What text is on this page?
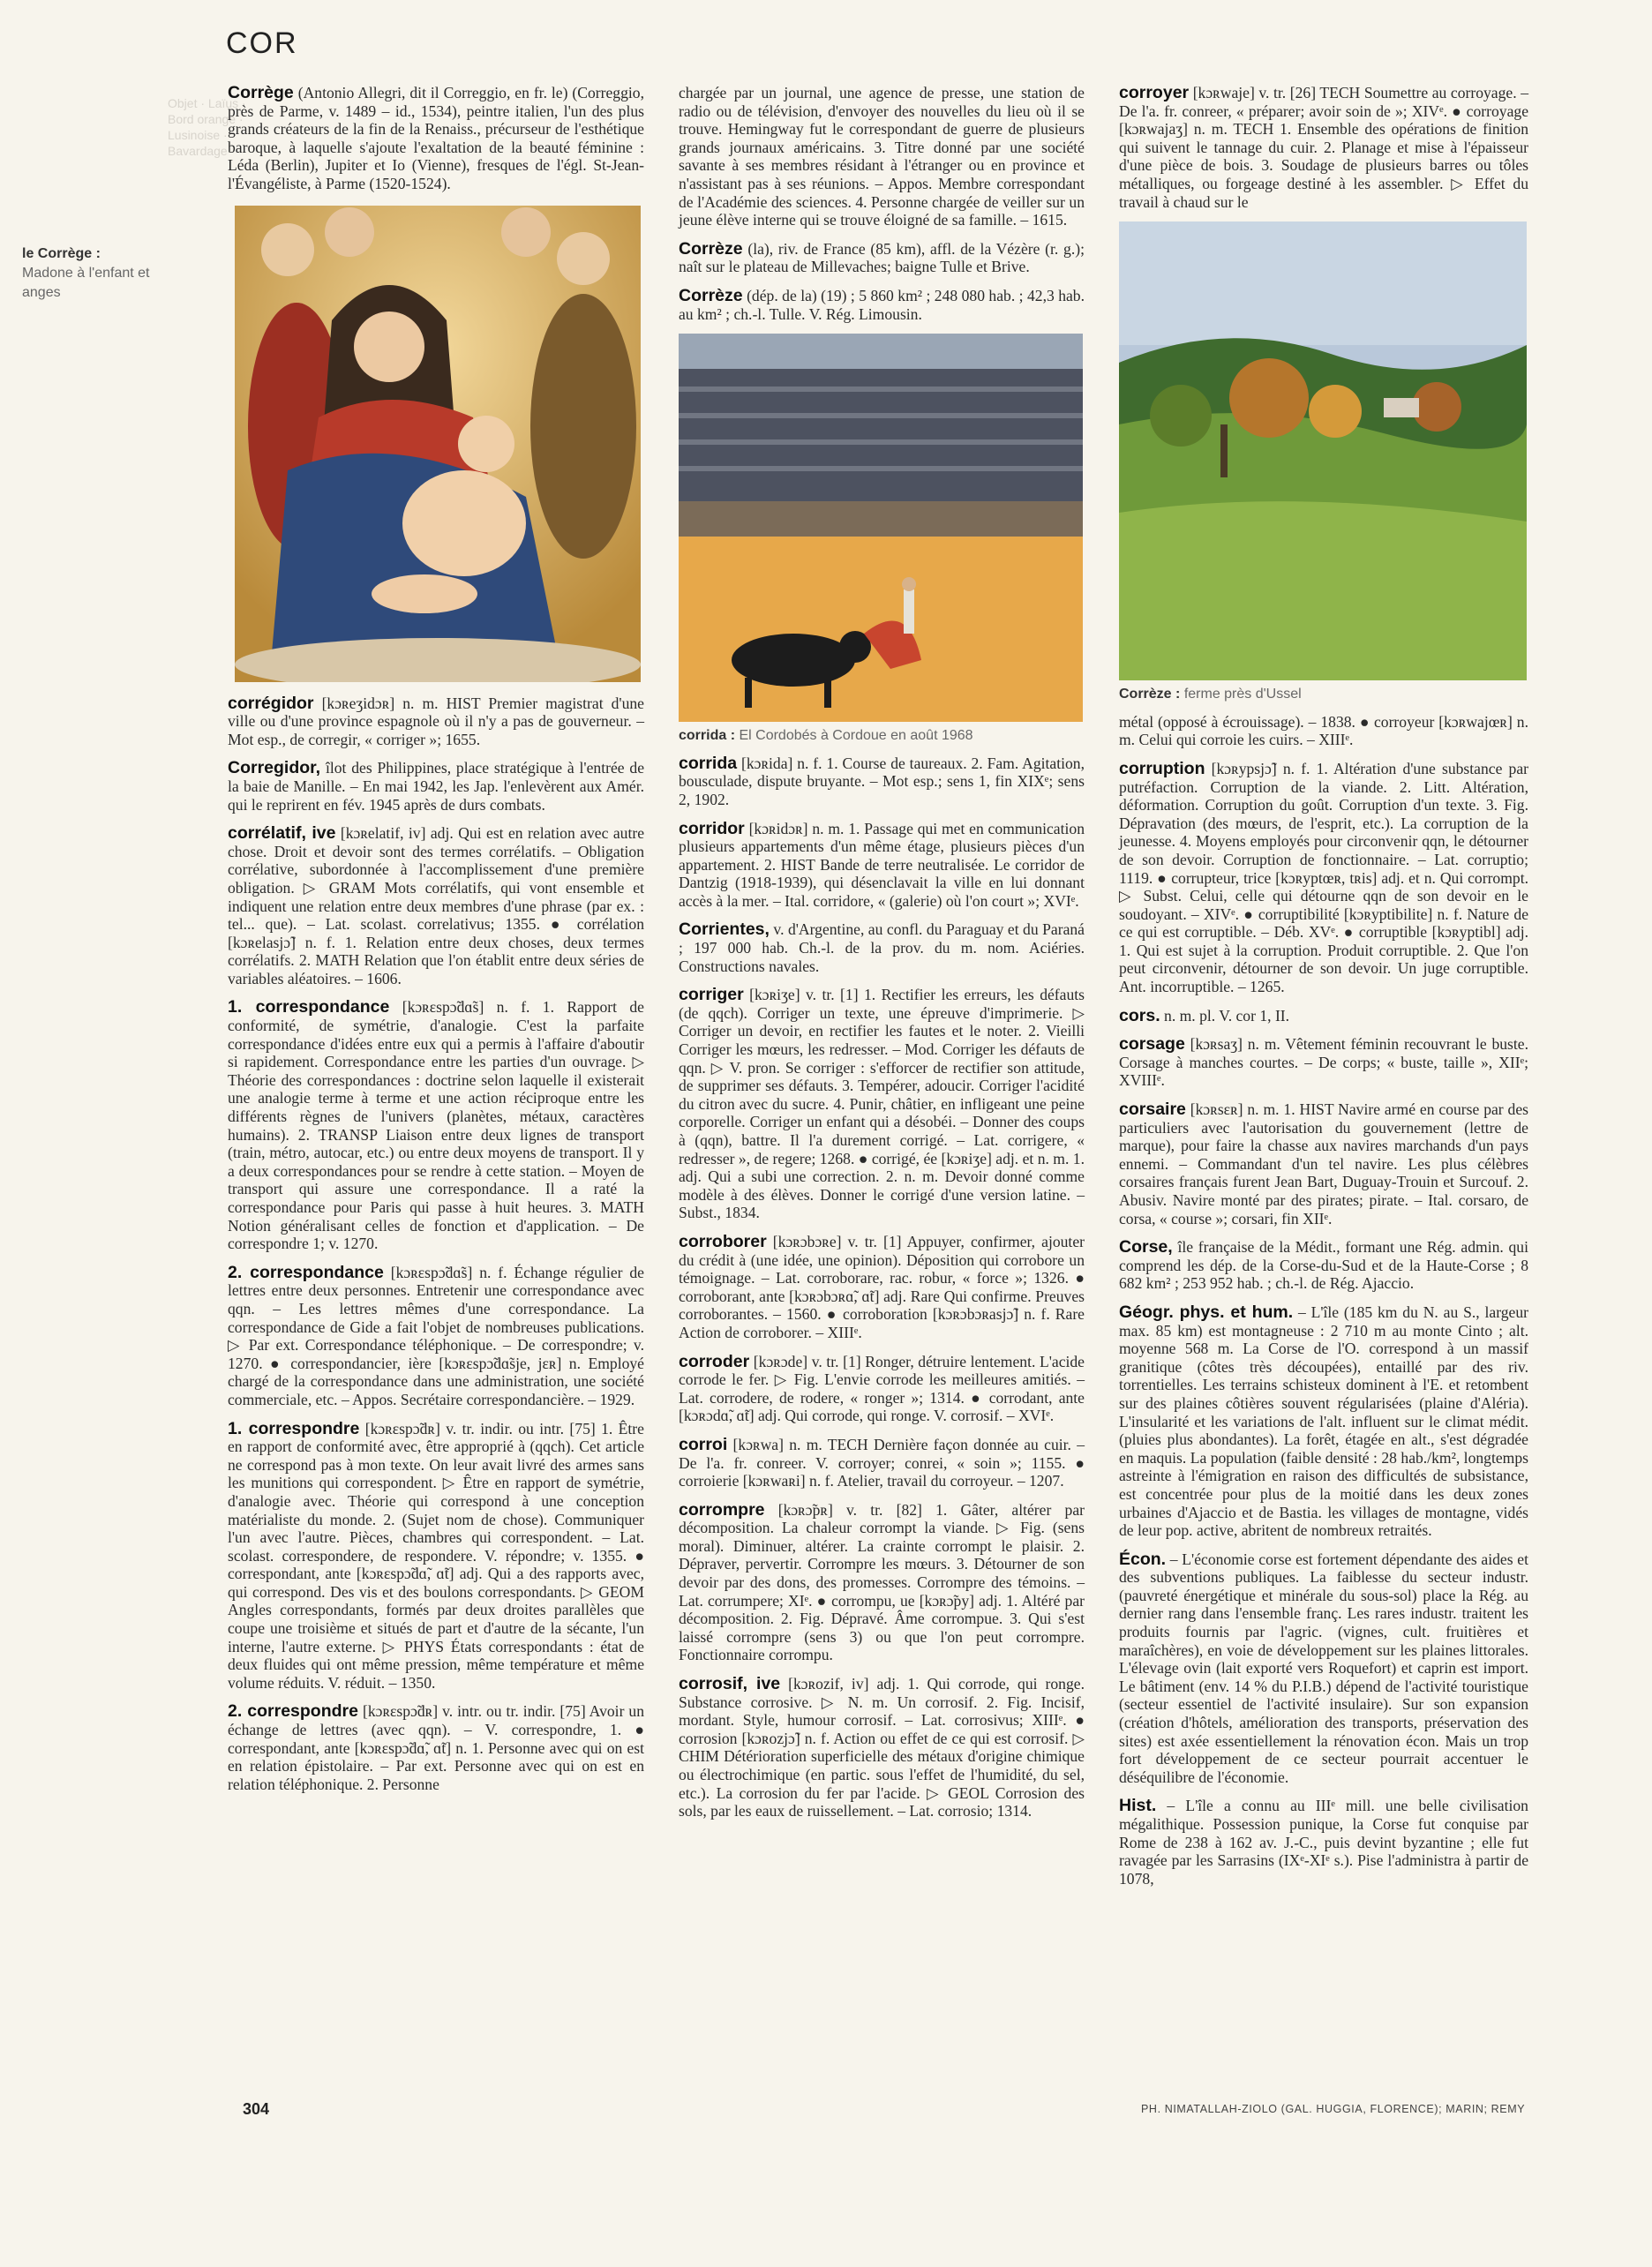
COR
Objet · Laïus · Bord orange · Lusinoise · Bavardage
le Corrège :
Madone à l'enfant et anges
Corrège (Antonio Allegri, dit il Correggio, en fr. le) (Correggio, près de Parme, v. 1489 – id., 1534), peintre italien, l'un des plus grands créateurs de la fin de la Renaiss., précurseur de l'esthétique baroque, à laquelle s'ajoute l'exaltation de la beauté féminine : Léda (Berlin), Jupiter et Io (Vienne), fresques de l'égl. St-Jean-l'Évangéliste, à Parme (1520-1524).
corrégidor [kɔʀeʒidɔʀ] n. m. HIST Premier magistrat d'une ville ou d'une province espagnole où il n'y a pas de gouverneur. – Mot esp., de corregir, « corriger »; 1655.
Corregidor, îlot des Philippines, place stratégique à l'entrée de la baie de Manille. – En mai 1942, les Jap. l'enlevèrent aux Amér. qui le reprirent en fév. 1945 après de durs combats.
corrélatif, ive [kɔʀelatif, iv] adj. Qui est en relation avec autre chose. Droit et devoir sont des termes corrélatifs. – Obligation corrélative, subordonnée à l'accomplissement d'une première obligation. ▷ GRAM Mots corrélatifs, qui vont ensemble et indiquent une relation entre deux membres d'une phrase (par ex. : tel... que). – Lat. scolast. correlativus; 1355. ● corrélation [kɔʀelasjɔ̃] n. f. 1. Relation entre deux choses, deux termes corrélatifs. 2. MATH Relation que l'on établit entre deux séries de variables aléatoires. – 1606.
1. correspondance [kɔʀɛspɔ̃dɑ̃s] n. f. 1. Rapport de conformité, de symétrie, d'analogie. C'est la parfaite correspondance d'idées entre eux qui a permis à l'affaire d'aboutir si rapidement. Correspondance entre les parties d'un ouvrage. ▷ Théorie des correspondances : doctrine selon laquelle il existerait une analogie terme à terme et une action réciproque entre les différents règnes de l'univers (planètes, métaux, caractères humains). 2. TRANSP Liaison entre deux lignes de transport (train, métro, autocar, etc.) ou entre deux moyens de transport. Il y a deux correspondances pour se rendre à cette station. – Moyen de transport qui assure une correspondance. Il a raté la correspondance pour Paris qui passe à huit heures. 3. MATH Notion généralisant celles de fonction et d'application. – De correspondre 1; v. 1270.
2. correspondance [kɔʀɛspɔ̃dɑ̃s] n. f. Échange régulier de lettres entre deux personnes. Entretenir une correspondance avec qqn. – Les lettres mêmes d'une correspondance. La correspondance de Gide a fait l'objet de nombreuses publications. ▷ Par ext. Correspondance téléphonique. – De correspondre; v. 1270. ● correspondancier, ière [kɔʀɛspɔ̃dɑ̃sje, jɛʀ] n. Employé chargé de la correspondance dans une administration, une société commerciale, etc. – Appos. Secrétaire correspondancière. – 1929.
1. correspondre [kɔʀɛspɔ̃dʀ] v. tr. indir. ou intr. [75] 1. Être en rapport de conformité avec, être approprié à (qqch). Cet article ne correspond pas à mon texte. On leur avait livré des armes sans les munitions qui correspondent. ▷ Être en rapport de symétrie, d'analogie avec. Théorie qui correspond à une conception matérialiste du monde. 2. (Sujet nom de chose). Communiquer l'un avec l'autre. Pièces, chambres qui correspondent. – Lat. scolast. correspondere, de respondere. V. répondre; v. 1355. ● correspondant, ante [kɔʀɛspɔ̃dɑ̃, ɑ̃t] adj. Qui a des rapports avec, qui correspond. Des vis et des boulons correspondants. ▷ GEOM Angles correspondants, formés par deux droites parallèles que coupe une troisième et situés de part et d'autre de la sécante, l'un interne, l'autre externe. ▷ PHYS États correspondants : état de deux fluides qui ont même pression, même température et même volume réduits. V. réduit. – 1350.
2. correspondre [kɔʀɛspɔ̃dʀ] v. intr. ou tr. indir. [75] Avoir un échange de lettres (avec qqn). – V. correspondre, 1. ● correspondant, ante [kɔʀɛspɔ̃dɑ̃, ɑ̃t] n. 1. Personne avec qui on est en relation épistolaire. – Par ext. Personne avec qui on est en relation téléphonique. 2. Personne
chargée par un journal, une agence de presse, une station de radio ou de télévision, d'envoyer des nouvelles du lieu où il se trouve. Hemingway fut le correspondant de guerre de plusieurs grands journaux américains. 3. Titre donné par une société savante à ses membres résidant à l'étranger ou en province et n'assistant pas à ses réunions. – Appos. Membre correspondant de l'Académie des sciences. 4. Personne chargée de veiller sur un jeune élève interne qui se trouve éloigné de sa famille. – 1615.
Corrèze (la), riv. de France (85 km), affl. de la Vézère (r. g.); naît sur le plateau de Millevaches; baigne Tulle et Brive.
Corrèze (dép. de la) (19) ; 5 860 km² ; 248 080 hab. ; 42,3 hab. au km² ; ch.-l. Tulle. V. Rég. Limousin.
corrida : El Cordobés à Cordoue en août 1968
corrida [kɔʀida] n. f. 1. Course de taureaux. 2. Fam. Agitation, bousculade, dispute bruyante. – Mot esp.; sens 1, fin XIXᵉ; sens 2, 1902.
corridor [kɔʀidɔʀ] n. m. 1. Passage qui met en communication plusieurs appartements d'un même étage, plusieurs pièces d'un appartement. 2. HIST Bande de terre neutralisée. Le corridor de Dantzig (1918-1939), qui désenclavait la ville en lui donnant accès à la mer. – Ital. corridore, « (galerie) où l'on court »; XVIᵉ.
Corrientes, v. d'Argentine, au confl. du Paraguay et du Paraná ; 197 000 hab. Ch.-l. de la prov. du m. nom. Aciéries. Constructions navales.
corriger [kɔʀiʒe] v. tr. [1] 1. Rectifier les erreurs, les défauts (de qqch). Corriger un texte, une épreuve d'imprimerie. ▷ Corriger un devoir, en rectifier les fautes et le noter. 2. Vieilli Corriger les mœurs, les redresser. – Mod. Corriger les défauts de qqn. ▷ V. pron. Se corriger : s'efforcer de rectifier son attitude, de supprimer ses défauts. 3. Tempérer, adoucir. Corriger l'acidité du citron avec du sucre. 4. Punir, châtier, en infligeant une peine corporelle. Corriger un enfant qui a désobéi. – Donner des coups à (qqn), battre. Il l'a durement corrigé. – Lat. corrigere, « redresser », de regere; 1268. ● corrigé, ée [kɔʀiʒe] adj. et n. m. 1. adj. Qui a subi une correction. 2. n. m. Devoir donné comme modèle à des élèves. Donner le corrigé d'une version latine. – Subst., 1834.
corroborer [kɔʀɔbɔʀe] v. tr. [1] Appuyer, confirmer, ajouter du crédit à (une idée, une opinion). Déposition qui corrobore un témoignage. – Lat. corroborare, rac. robur, « force »; 1326. ● corroborant, ante [kɔʀɔbɔʀɑ̃, ɑ̃t] adj. Rare Qui confirme. Preuves corroborantes. – 1560. ● corroboration [kɔʀɔbɔʀasjɔ̃] n. f. Rare Action de corroborer. – XIIIᵉ.
corroder [kɔʀɔde] v. tr. [1] Ronger, détruire lentement. L'acide corrode le fer. ▷ Fig. L'envie corrode les meilleures amitiés. – Lat. corrodere, de rodere, « ronger »; 1314. ● corrodant, ante [kɔʀɔdɑ̃, ɑ̃t] adj. Qui corrode, qui ronge. V. corrosif. – XVIᵉ.
corroi [kɔʀwa] n. m. TECH Dernière façon donnée au cuir. – De l'a. fr. conreer. V. corroyer; conrei, « soin »; 1155. ● corroierie [kɔʀwaʀi] n. f. Atelier, travail du corroyeur. – 1207.
corrompre [kɔʀɔ̃pʀ] v. tr. [82] 1. Gâter, altérer par décomposition. La chaleur corrompt la viande. ▷ Fig. (sens moral). Diminuer, altérer. La crainte corrompt le plaisir. 2. Dépraver, pervertir. Corrompre les mœurs. 3. Détourner de son devoir par des dons, des promesses. Corrompre des témoins. – Lat. corrumpere; XIᵉ. ● corrompu, ue [kɔʀɔ̃py] adj. 1. Altéré par décomposition. 2. Fig. Dépravé. Âme corrompue. 3. Qui s'est laissé corrompre (sens 3) ou que l'on peut corrompre. Fonctionnaire corrompu.
corrosif, ive [kɔʀozif, iv] adj. 1. Qui corrode, qui ronge. Substance corrosive. ▷ N. m. Un corrosif. 2. Fig. Incisif, mordant. Style, humour corrosif. – Lat. corrosivus; XIIIᵉ. ● corrosion [kɔʀozjɔ̃] n. f. Action ou effet de ce qui est corrosif. ▷ CHIM Détérioration superficielle des métaux d'origine chimique ou électrochimique (en partic. sous l'effet de l'humidité, du sel, etc.). La corrosion du fer par l'acide. ▷ GEOL Corrosion des sols, par les eaux de ruissellement. – Lat. corrosio; 1314.
corroyer [kɔʀwaje] v. tr. [26] TECH Soumettre au corroyage. – De l'a. fr. conreer, « préparer; avoir soin de »; XIVᵉ. ● corroyage [kɔʀwajaʒ] n. m. TECH 1. Ensemble des opérations de finition qui suivent le tannage du cuir. 2. Planage et mise à l'épaisseur d'une pièce de bois. 3. Soudage de plusieurs barres ou tôles métalliques, ou forgeage destiné à les assembler. ▷ Effet du travail à chaud sur le
Corrèze : ferme près d'Ussel
métal (opposé à écrouissage). – 1838. ● corroyeur [kɔʀwajœʀ] n. m. Celui qui corroie les cuirs. – XIIIᵉ.
corruption [kɔʀypsjɔ̃] n. f. 1. Altération d'une substance par putréfaction. Corruption de la viande. 2. Litt. Altération, déformation. Corruption du goût. Corruption d'un texte. 3. Fig. Dépravation (des mœurs, de l'esprit, etc.). La corruption de la jeunesse. 4. Moyens employés pour circonvenir qqn, le détourner de son devoir. Corruption de fonctionnaire. – Lat. corruptio; 1119. ● corrupteur, trice [kɔʀyptœʀ, tʀis] adj. et n. Qui corrompt. ▷ Subst. Celui, celle qui détourne qqn de son devoir en le soudoyant. – XIVᵉ. ● corruptibilité [kɔʀyptibilite] n. f. Nature de ce qui est corruptible. – Déb. XVᵉ. ● corruptible [kɔʀyptibl] adj. 1. Qui est sujet à la corruption. Produit corruptible. 2. Que l'on peut circonvenir, détourner de son devoir. Un juge corruptible. Ant. incorruptible. – 1265.
cors. n. m. pl. V. cor 1, II.
corsage [kɔʀsaʒ] n. m. Vêtement féminin recouvrant le buste. Corsage à manches courtes. – De corps; « buste, taille », XIIᵉ; XVIIIᵉ.
corsaire [kɔʀsɛʀ] n. m. 1. HIST Navire armé en course par des particuliers avec l'autorisation du gouvernement (lettre de marque), pour faire la chasse aux navires marchands d'un pays ennemi. – Commandant d'un tel navire. Les plus célèbres corsaires français furent Jean Bart, Duguay-Trouin et Surcouf. 2. Abusiv. Navire monté par des pirates; pirate. – Ital. corsaro, de corsa, « course »; corsari, fin XIIᵉ.
Corse, île française de la Médit., formant une Rég. admin. qui comprend les dép. de la Corse-du-Sud et de la Haute-Corse ; 8 682 km² ; 253 952 hab. ; ch.-l. de Rég. Ajaccio.
Géogr. phys. et hum. – L'île (185 km du N. au S., largeur max. 85 km) est montagneuse : 2 710 m au monte Cinto ; alt. moyenne 568 m. La Corse de l'O. correspond à un massif granitique (côtes très découpées), entaillé par des riv. torrentielles. Les terrains schisteux dominent à l'E. et retombent sur des plaines côtières souvent régularisées (plaine d'Aléria). L'insularité et les variations de l'alt. influent sur le climat médit. (pluies plus abondantes). La forêt, étagée en alt., s'est dégradée en maquis. La population (faible densité : 28 hab./km², longtemps astreinte à l'émigration en raison des difficultés de subsistance, est concentrée pour plus de la moitié dans les deux zones urbaines d'Ajaccio et de Bastia. les villages de montagne, vidés de leur pop. active, abritent de nombreux retraités.
Écon. – L'économie corse est fortement dépendante des aides et des subventions publiques. La faiblesse du secteur industr. (pauvreté énergétique et minérale du sous-sol) place la Rég. au dernier rang dans l'ensemble franç. Les rares industr. traitent les produits fournis par l'agric. (vignes, cult. fruitières et maraîchères), en voie de développement sur les plaines littorales. L'élevage ovin (lait exporté vers Roquefort) et caprin est import. Le bâtiment (env. 14 % du P.I.B.) dépend de l'activité touristique (secteur essentiel de l'activité insulaire). Sur son expansion (création d'hôtels, amélioration des transports, préservation des sites) est axée essentiellement la rénovation écon. Mais un trop fort développement de ce secteur pourrait accentuer le déséquilibre de l'économie.
Hist. – L'île a connu au IIIᵉ mill. une belle civilisation mégalithique. Possession punique, la Corse fut conquise par Rome de 238 à 162 av. J.-C., puis devint byzantine ; elle fut ravagée par les Sarrasins (IXᵉ-XIᵉ s.). Pise l'administra à partir de 1078,
304	PH. NIMATALLAH-ZIOLO (GAL. HUGGIA, FLORENCE); MARIN; REMY
